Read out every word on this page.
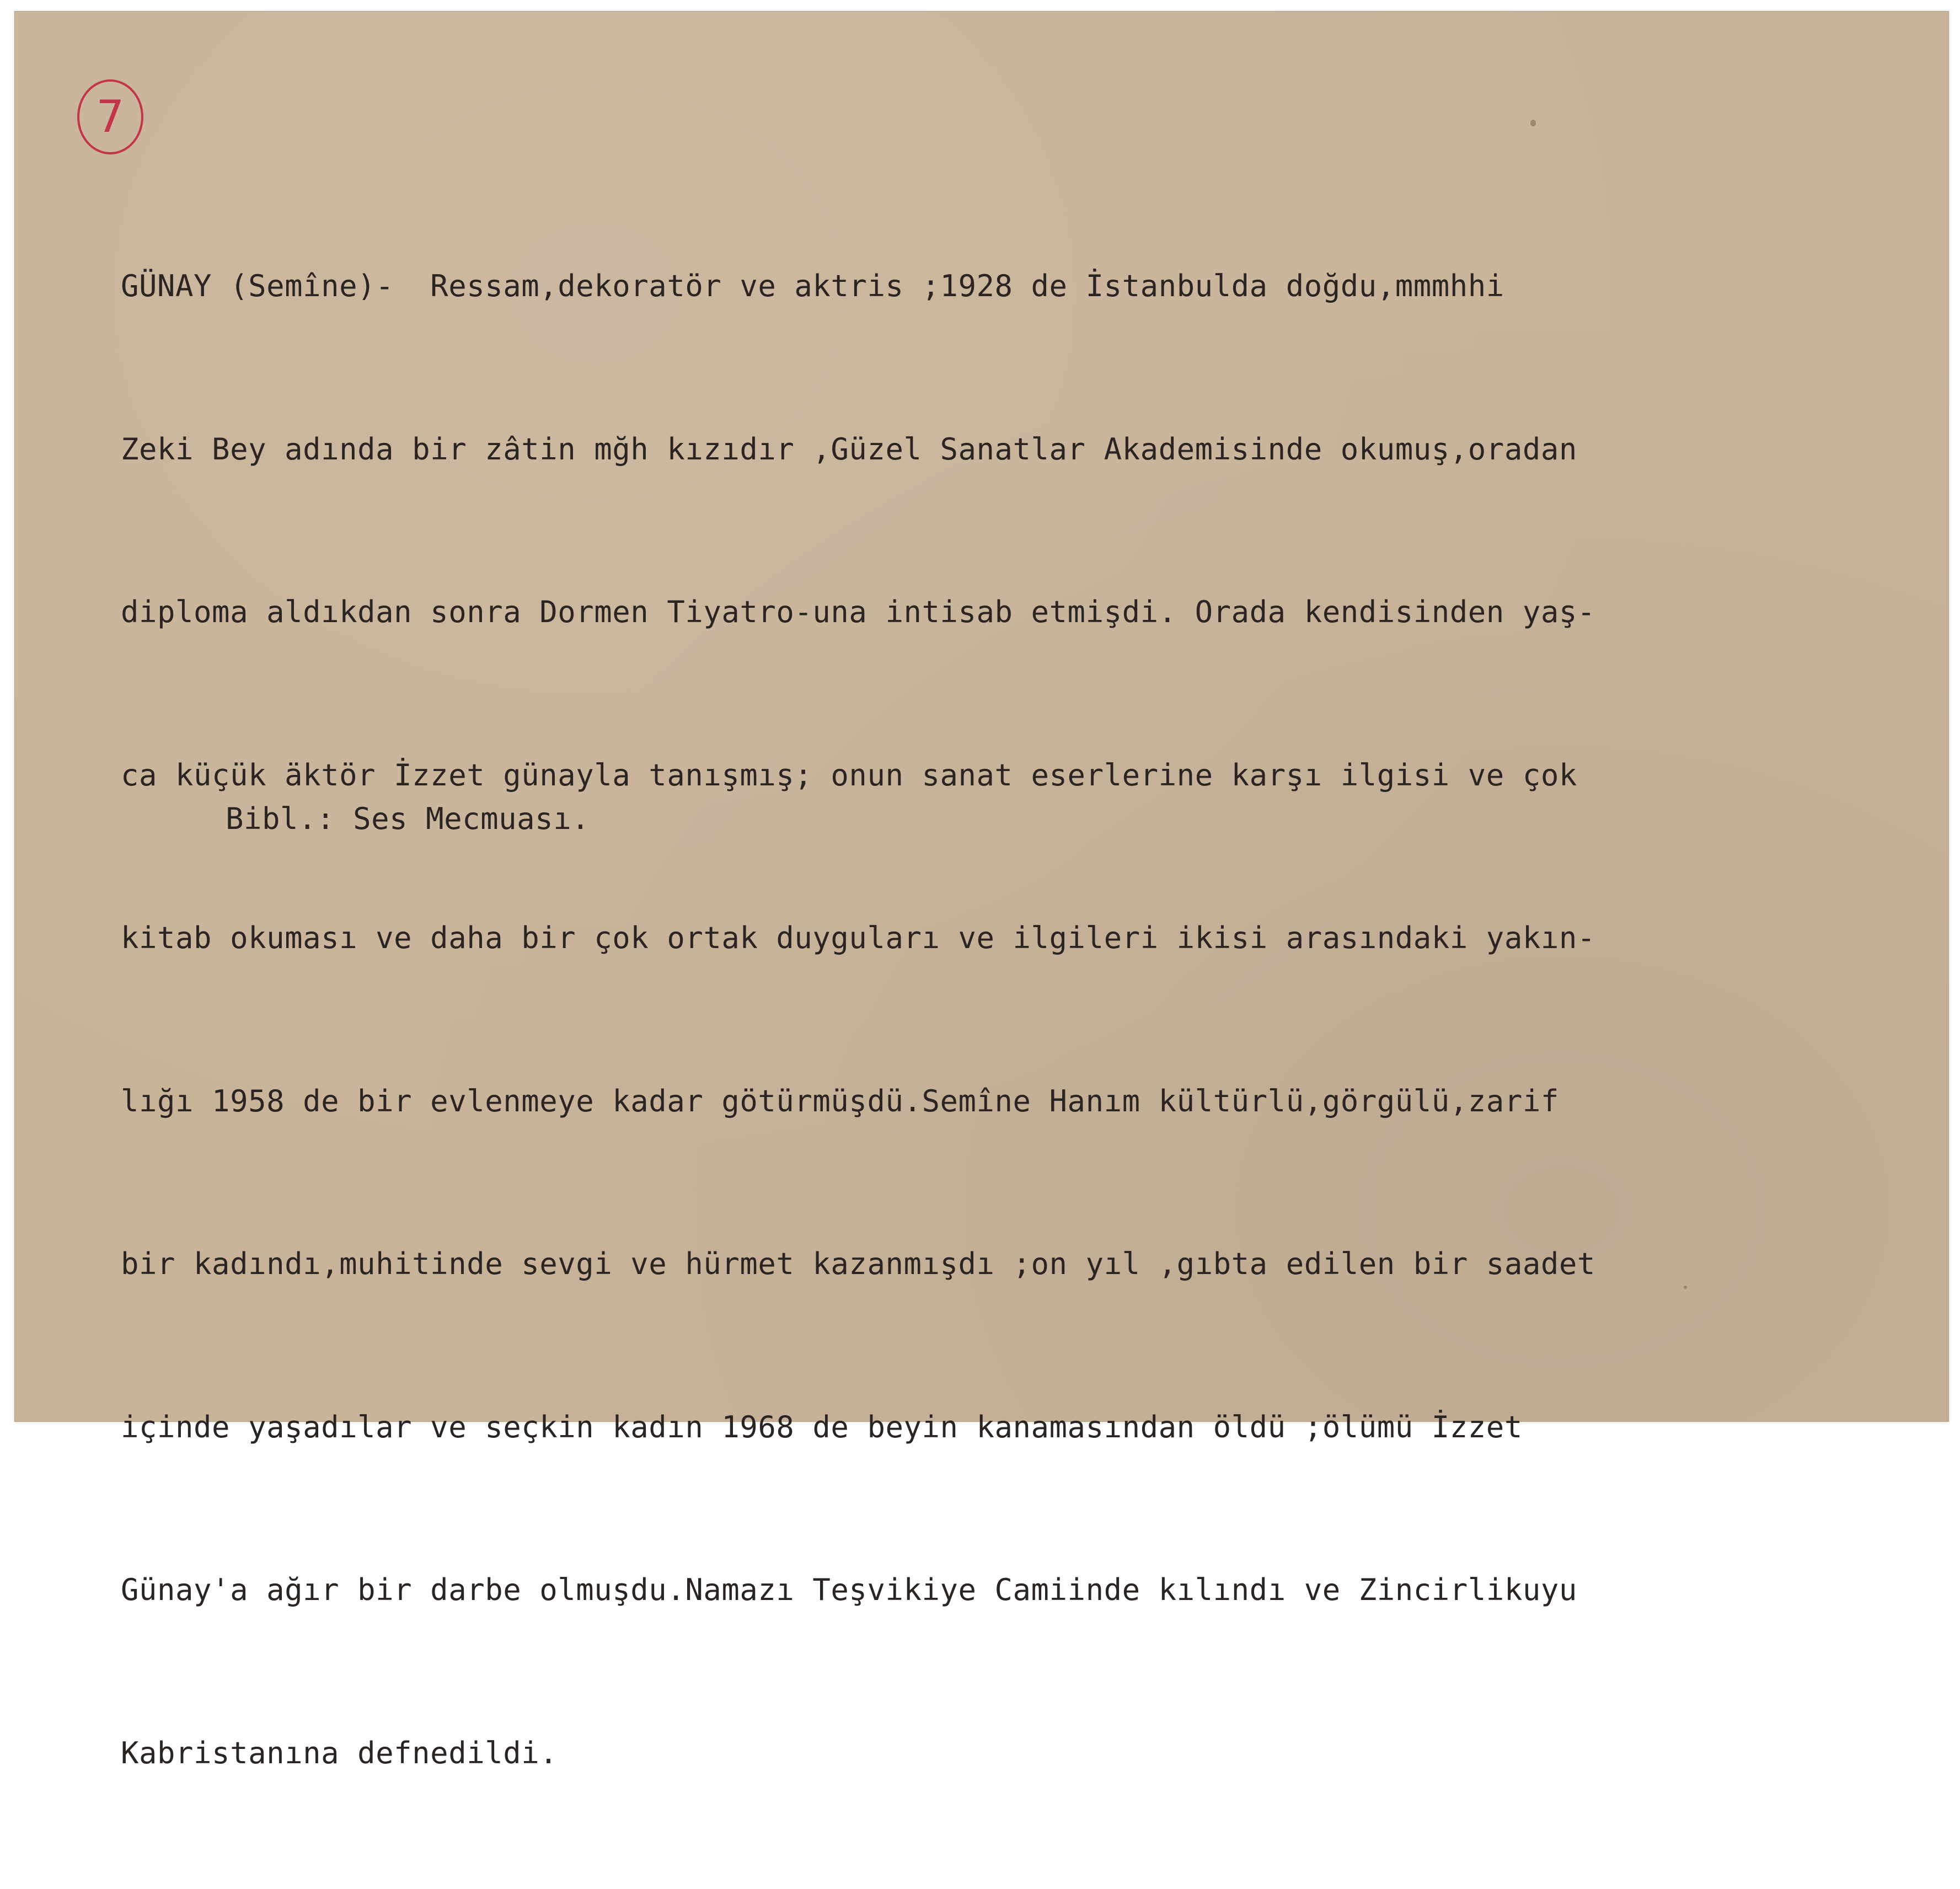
7

GÜNAY (Semîne)-  Ressam,dekoratör ve aktris ;1928 de İstanbulda doğdu,mmmhhi

Zeki Bey adında bir zâtin mğh kızıdır ,Güzel Sanatlar Akademisinde okumuş,oradan

diploma aldıkdan sonra Dormen Tiyatro-una intisab etmişdi. Orada kendisinden yaş-

ca küçük äktör İzzet günayla tanışmış; onun sanat eserlerine karşı ilgisi ve çok

kitab okuması ve daha bir çok ortak duyguları ve ilgileri ikisi arasındaki yakın-

lığı 1958 de bir evlenmeye kadar götürmüşdü.Semîne Hanım kültürlü,görgülü,zarif

bir kadındı,muhitinde sevgi ve hürmet kazanmışdı ;on yıl ,gıbta edilen bir saadet

içinde yaşadılar ve seçkin kadın 1968 de beyin kanamasından öldü ;ölümü İzzet

Günay'a ağır bir darbe olmuşdu.Namazı Teşvikiye Camiinde kılındı ve Zincirlikuyu

Kabristanına defnedildi.

Bibl.: Ses Mecmuası.
